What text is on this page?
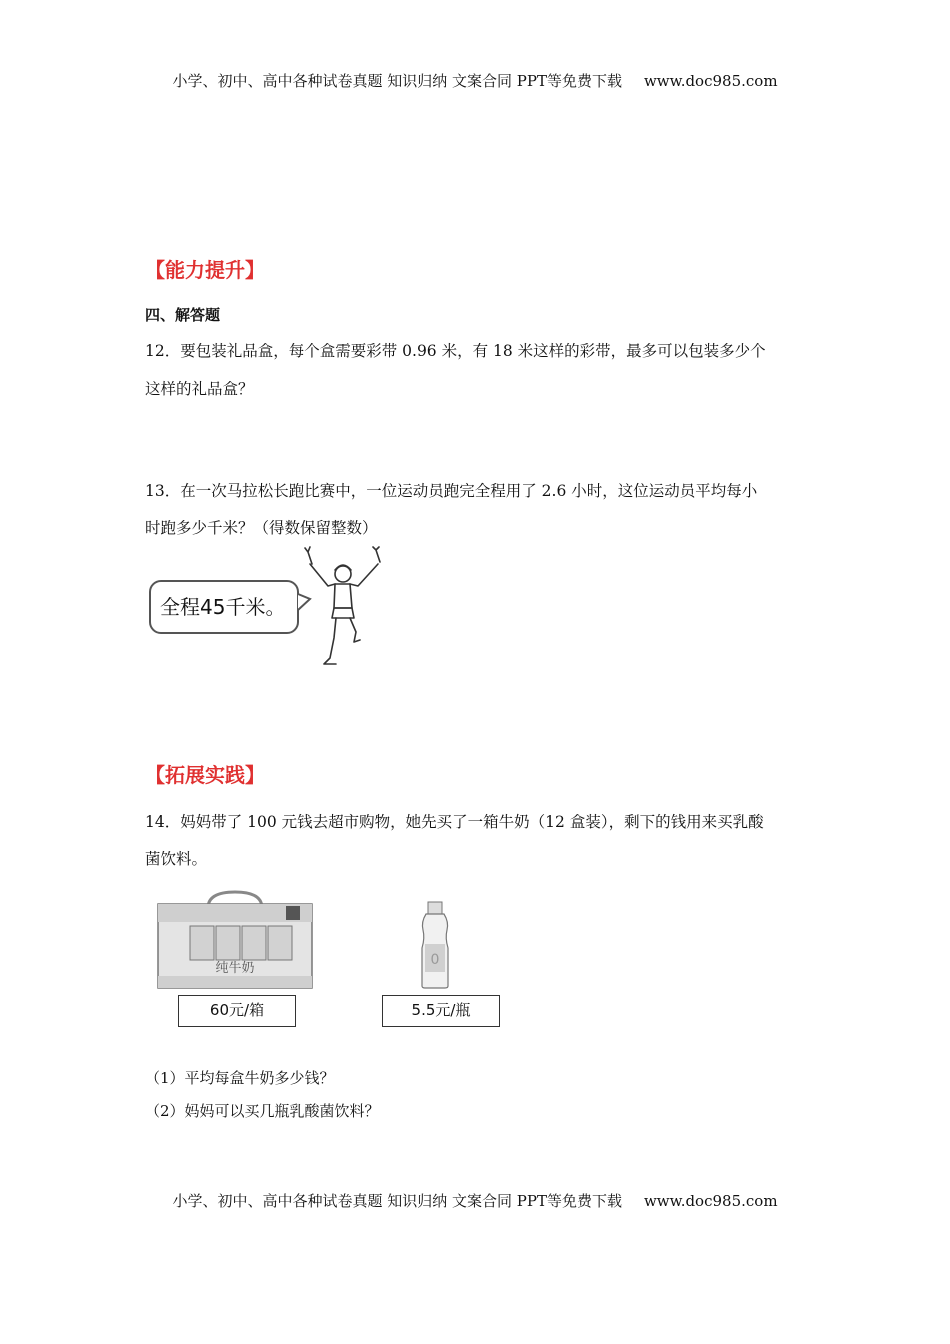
小学、初中、高中各种试卷真题 知识归纳 文案合同 PPT等免费下载 www.doc985.com
【能力提升】
四、解答题
12．要包装礼品盒，每个盒需要彩带 0.96 米，有 18 米这样的彩带，最多可以包装多少个
这样的礼品盒？
13．在一次马拉松长跑比赛中，一位运动员跑完全程用了 2.6 小时，这位运动员平均每小
时跑多少千米？（得数保留整数）
全程45千米。
【拓展实践】
14．妈妈带了 100 元钱去超市购物，她先买了一箱牛奶（12 盒装），剩下的钱用来买乳酸
菌饮料。
纯牛奶
0
60元/箱	5.5元/瓶
（1）平均每盒牛奶多少钱？
（2）妈妈可以买几瓶乳酸菌饮料？
小学、初中、高中各种试卷真题 知识归纳 文案合同 PPT等免费下载 www.doc985.com
